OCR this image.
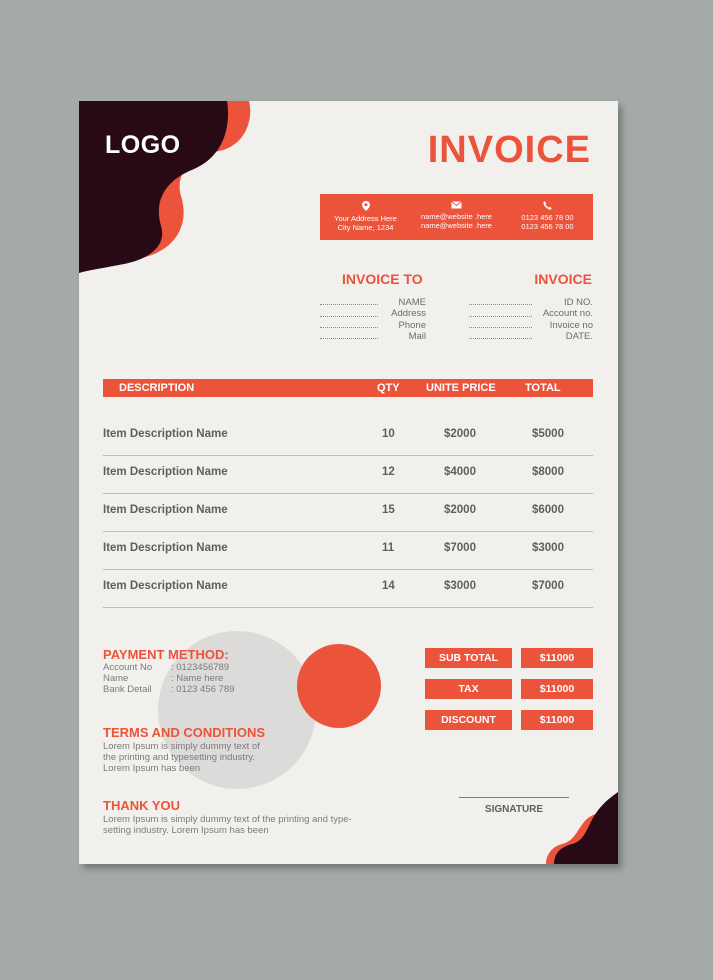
LOGO	INVOICE
Your Address Here
City Name, 1234
name@website .here
name@website .here
0123 456 78 00
0123 456 78 00
INVOICE TO
NAME
Address
Phone
Mail
INVOICE
ID NO.
Account no.
Invoice no
DATE.
DESCRIPTION	QTY UNITE PRICE	TOTAL
Item Description Name	10	$2000	$5000
Item Description Name	12	$4000	$8000
Item Description Name	15	$2000	$6000
Item Description Name	11	$7000	$3000
Item Description Name	14	$3000	$7000
PAYMENT METHOD:
Account No : 0123456789
Name	: Name here
Bank Detail : 0123 456 789
TERMS AND CONDITIONS
Lorem Ipsum is simply dummy text of
the printing and typesetting industry.
Lorem Ipsum has been
THANK YOU
Lorem Ipsum is simply dummy text of the printing and type-
setting industry. Lorem Ipsum has been
SUB TOTAL	$11000
TAX	$11000
DISCOUNT	$11000
SIGNATURE
